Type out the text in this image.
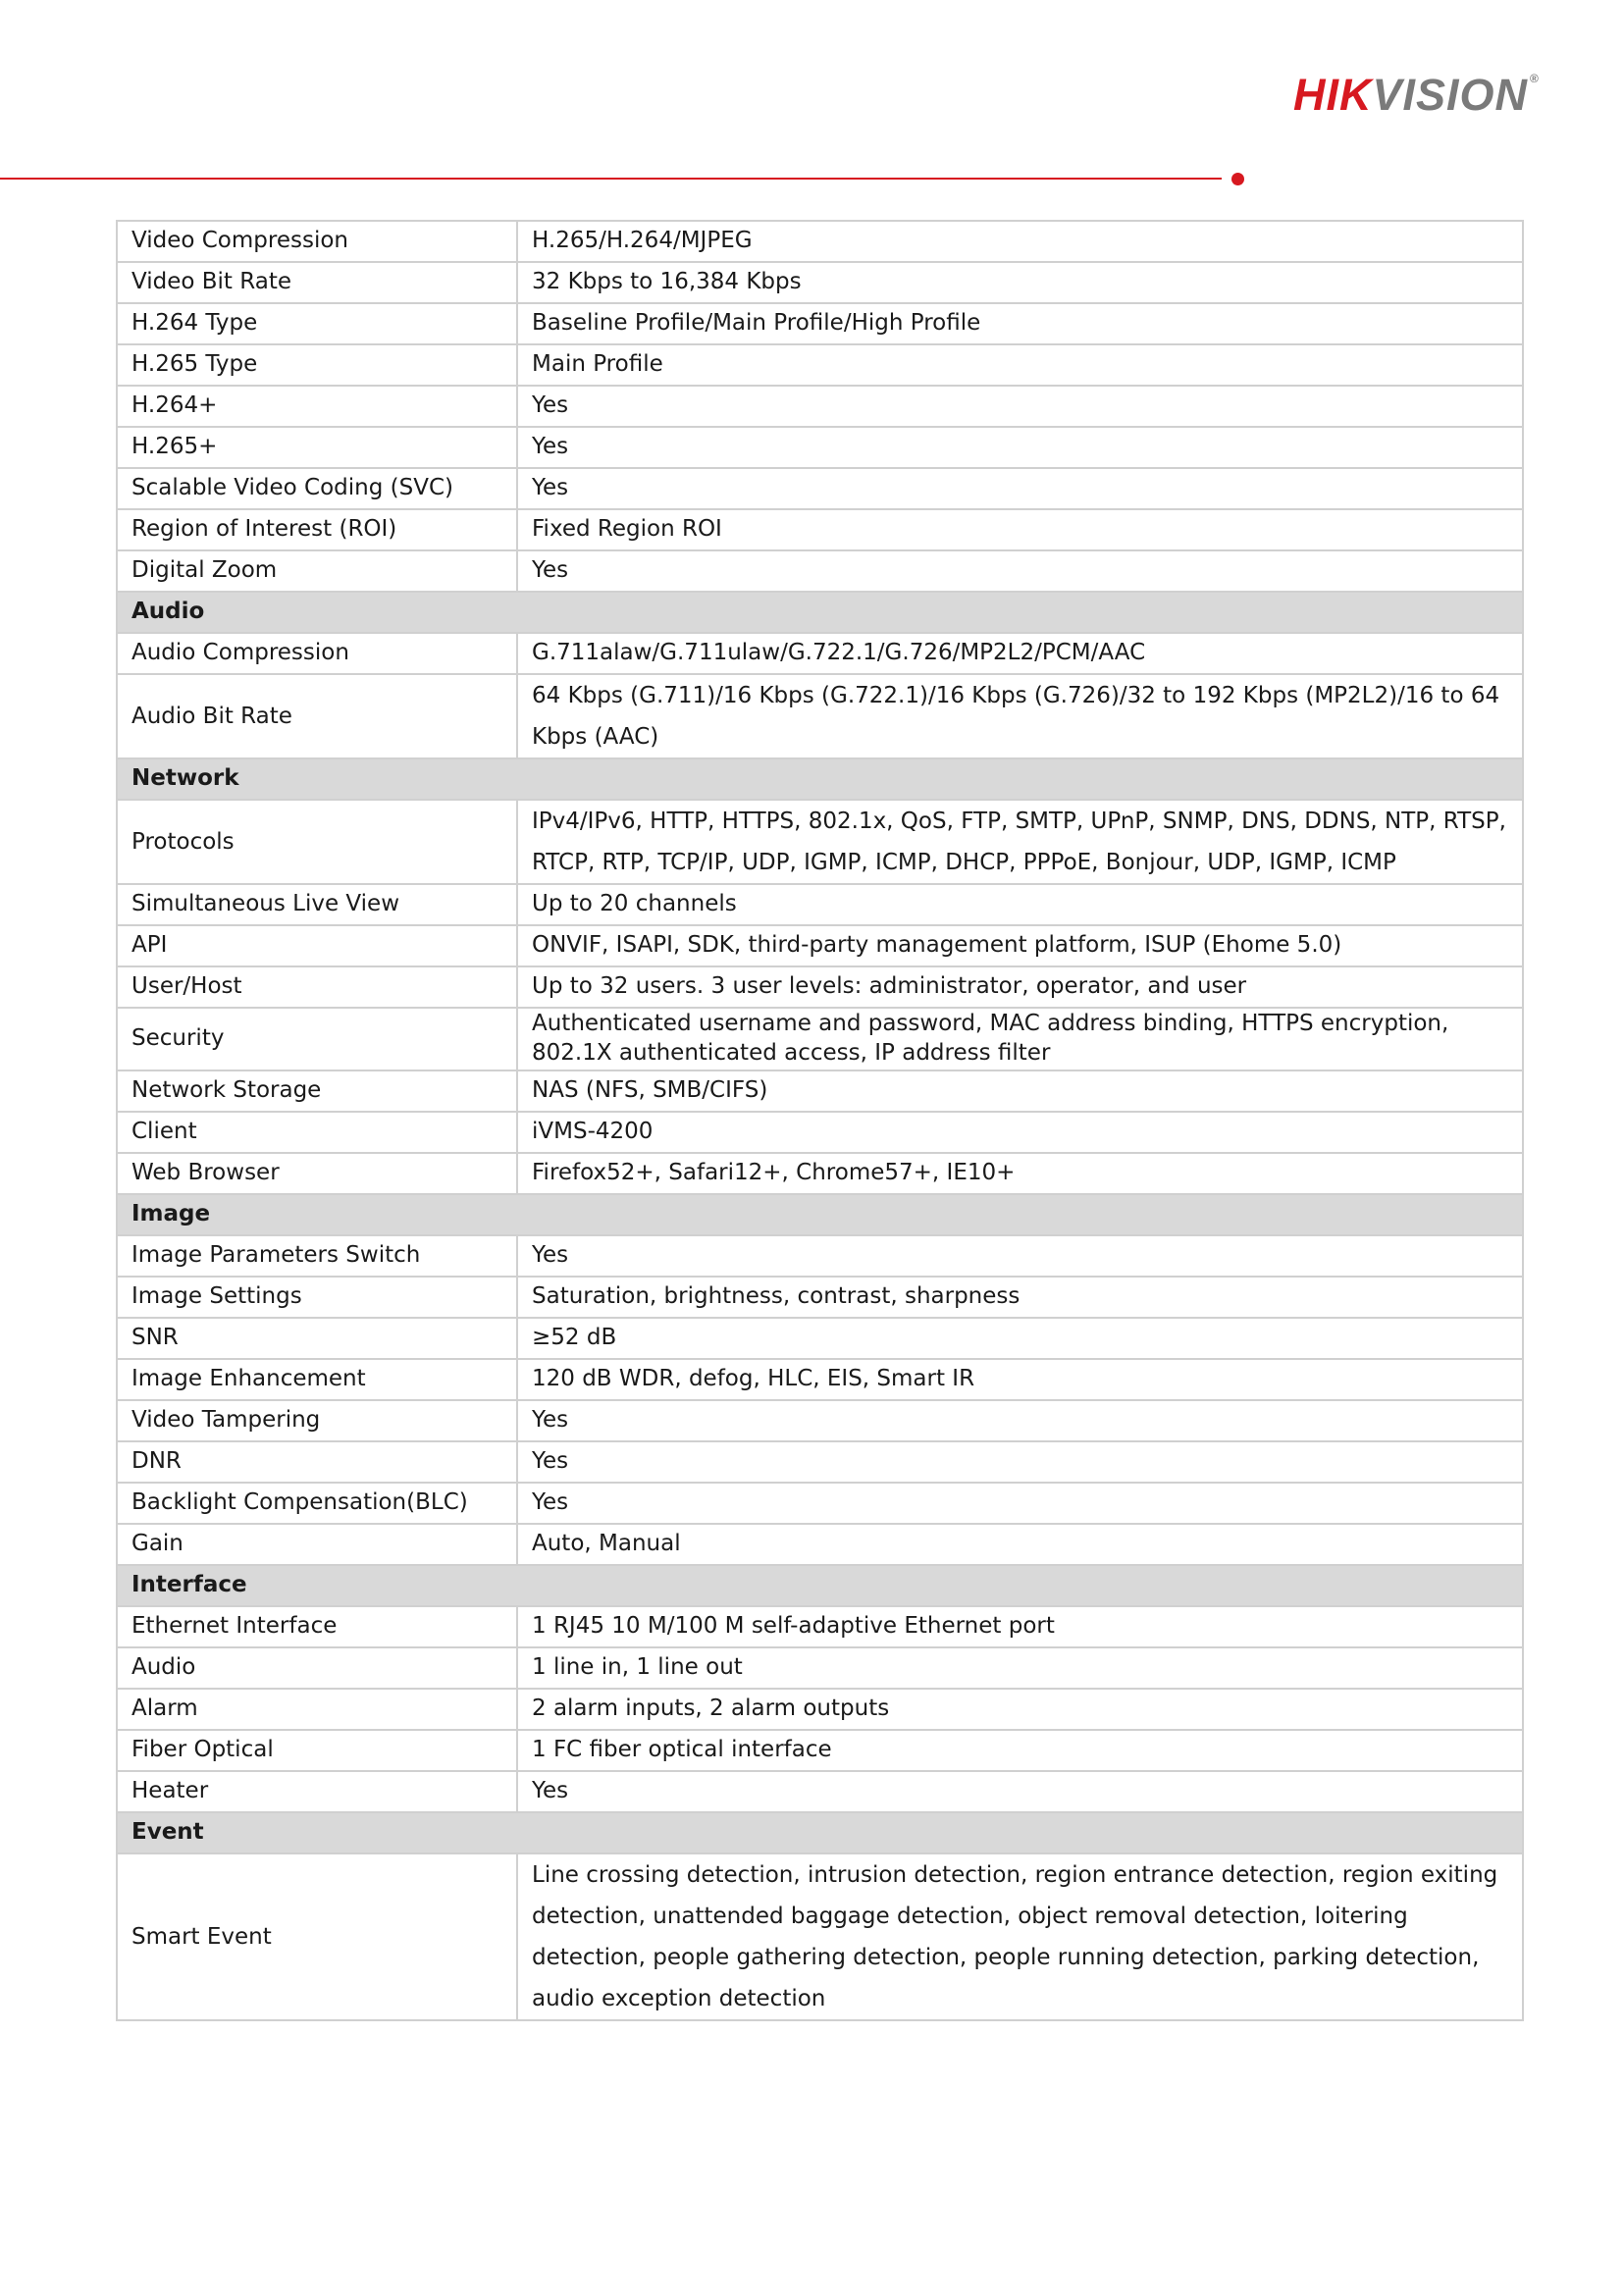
HIKVISION ®
Video Compression	H.265/H.264/MJPEG
Video Bit Rate	32 Kbps to 16,384 Kbps
H.264 Type	Baseline Profile/Main Profile/High Profile
H.265 Type	Main Profile
H.264+	Yes
H.265+	Yes
Scalable Video Coding (SVC)	Yes
Region of Interest (ROI)	Fixed Region ROI
Digital Zoom	Yes
Audio	
Audio Compression	G.711alaw/G.711ulaw/G.722.1/G.726/MP2L2/PCM/AAC
Audio Bit Rate	64 Kbps (G.711)/16 Kbps (G.722.1)/16 Kbps (G.726)/32 to 192 Kbps (MP2L2)/16 to 64 Kbps (AAC)
Network	
Protocols	IPv4/IPv6, HTTP, HTTPS, 802.1x, QoS, FTP, SMTP, UPnP, SNMP, DNS, DDNS, NTP, RTSP, RTCP, RTP, TCP/IP, UDP, IGMP, ICMP, DHCP, PPPoE, Bonjour, UDP, IGMP, ICMP
Simultaneous Live View	Up to 20 channels
API	ONVIF, ISAPI, SDK, third-party management platform, ISUP (Ehome 5.0)
User/Host	Up to 32 users. 3 user levels: administrator, operator, and user
Security	Authenticated username and password, MAC address binding, HTTPS encryption, 802.1X authenticated access, IP address filter
Network Storage	NAS (NFS, SMB/CIFS)
Client	iVMS-4200
Web Browser	Firefox52+, Safari12+, Chrome57+, IE10+
Image	
Image Parameters Switch	Yes
Image Settings	Saturation, brightness, contrast, sharpness
SNR	≥52 dB
Image Enhancement	120 dB WDR, defog, HLC, EIS, Smart IR
Video Tampering	Yes
DNR	Yes
Backlight Compensation(BLC)	Yes
Gain	Auto, Manual
Interface	
Ethernet Interface	1 RJ45 10 M/100 M self-adaptive Ethernet port
Audio	1 line in, 1 line out
Alarm	2 alarm inputs, 2 alarm outputs
Fiber Optical	1 FC fiber optical interface
Heater	Yes
Event	
Smart Event	Line crossing detection, intrusion detection, region entrance detection, region exiting detection, unattended baggage detection, object removal detection, loitering detection, people gathering detection, people running detection, parking detection, audio exception detection
